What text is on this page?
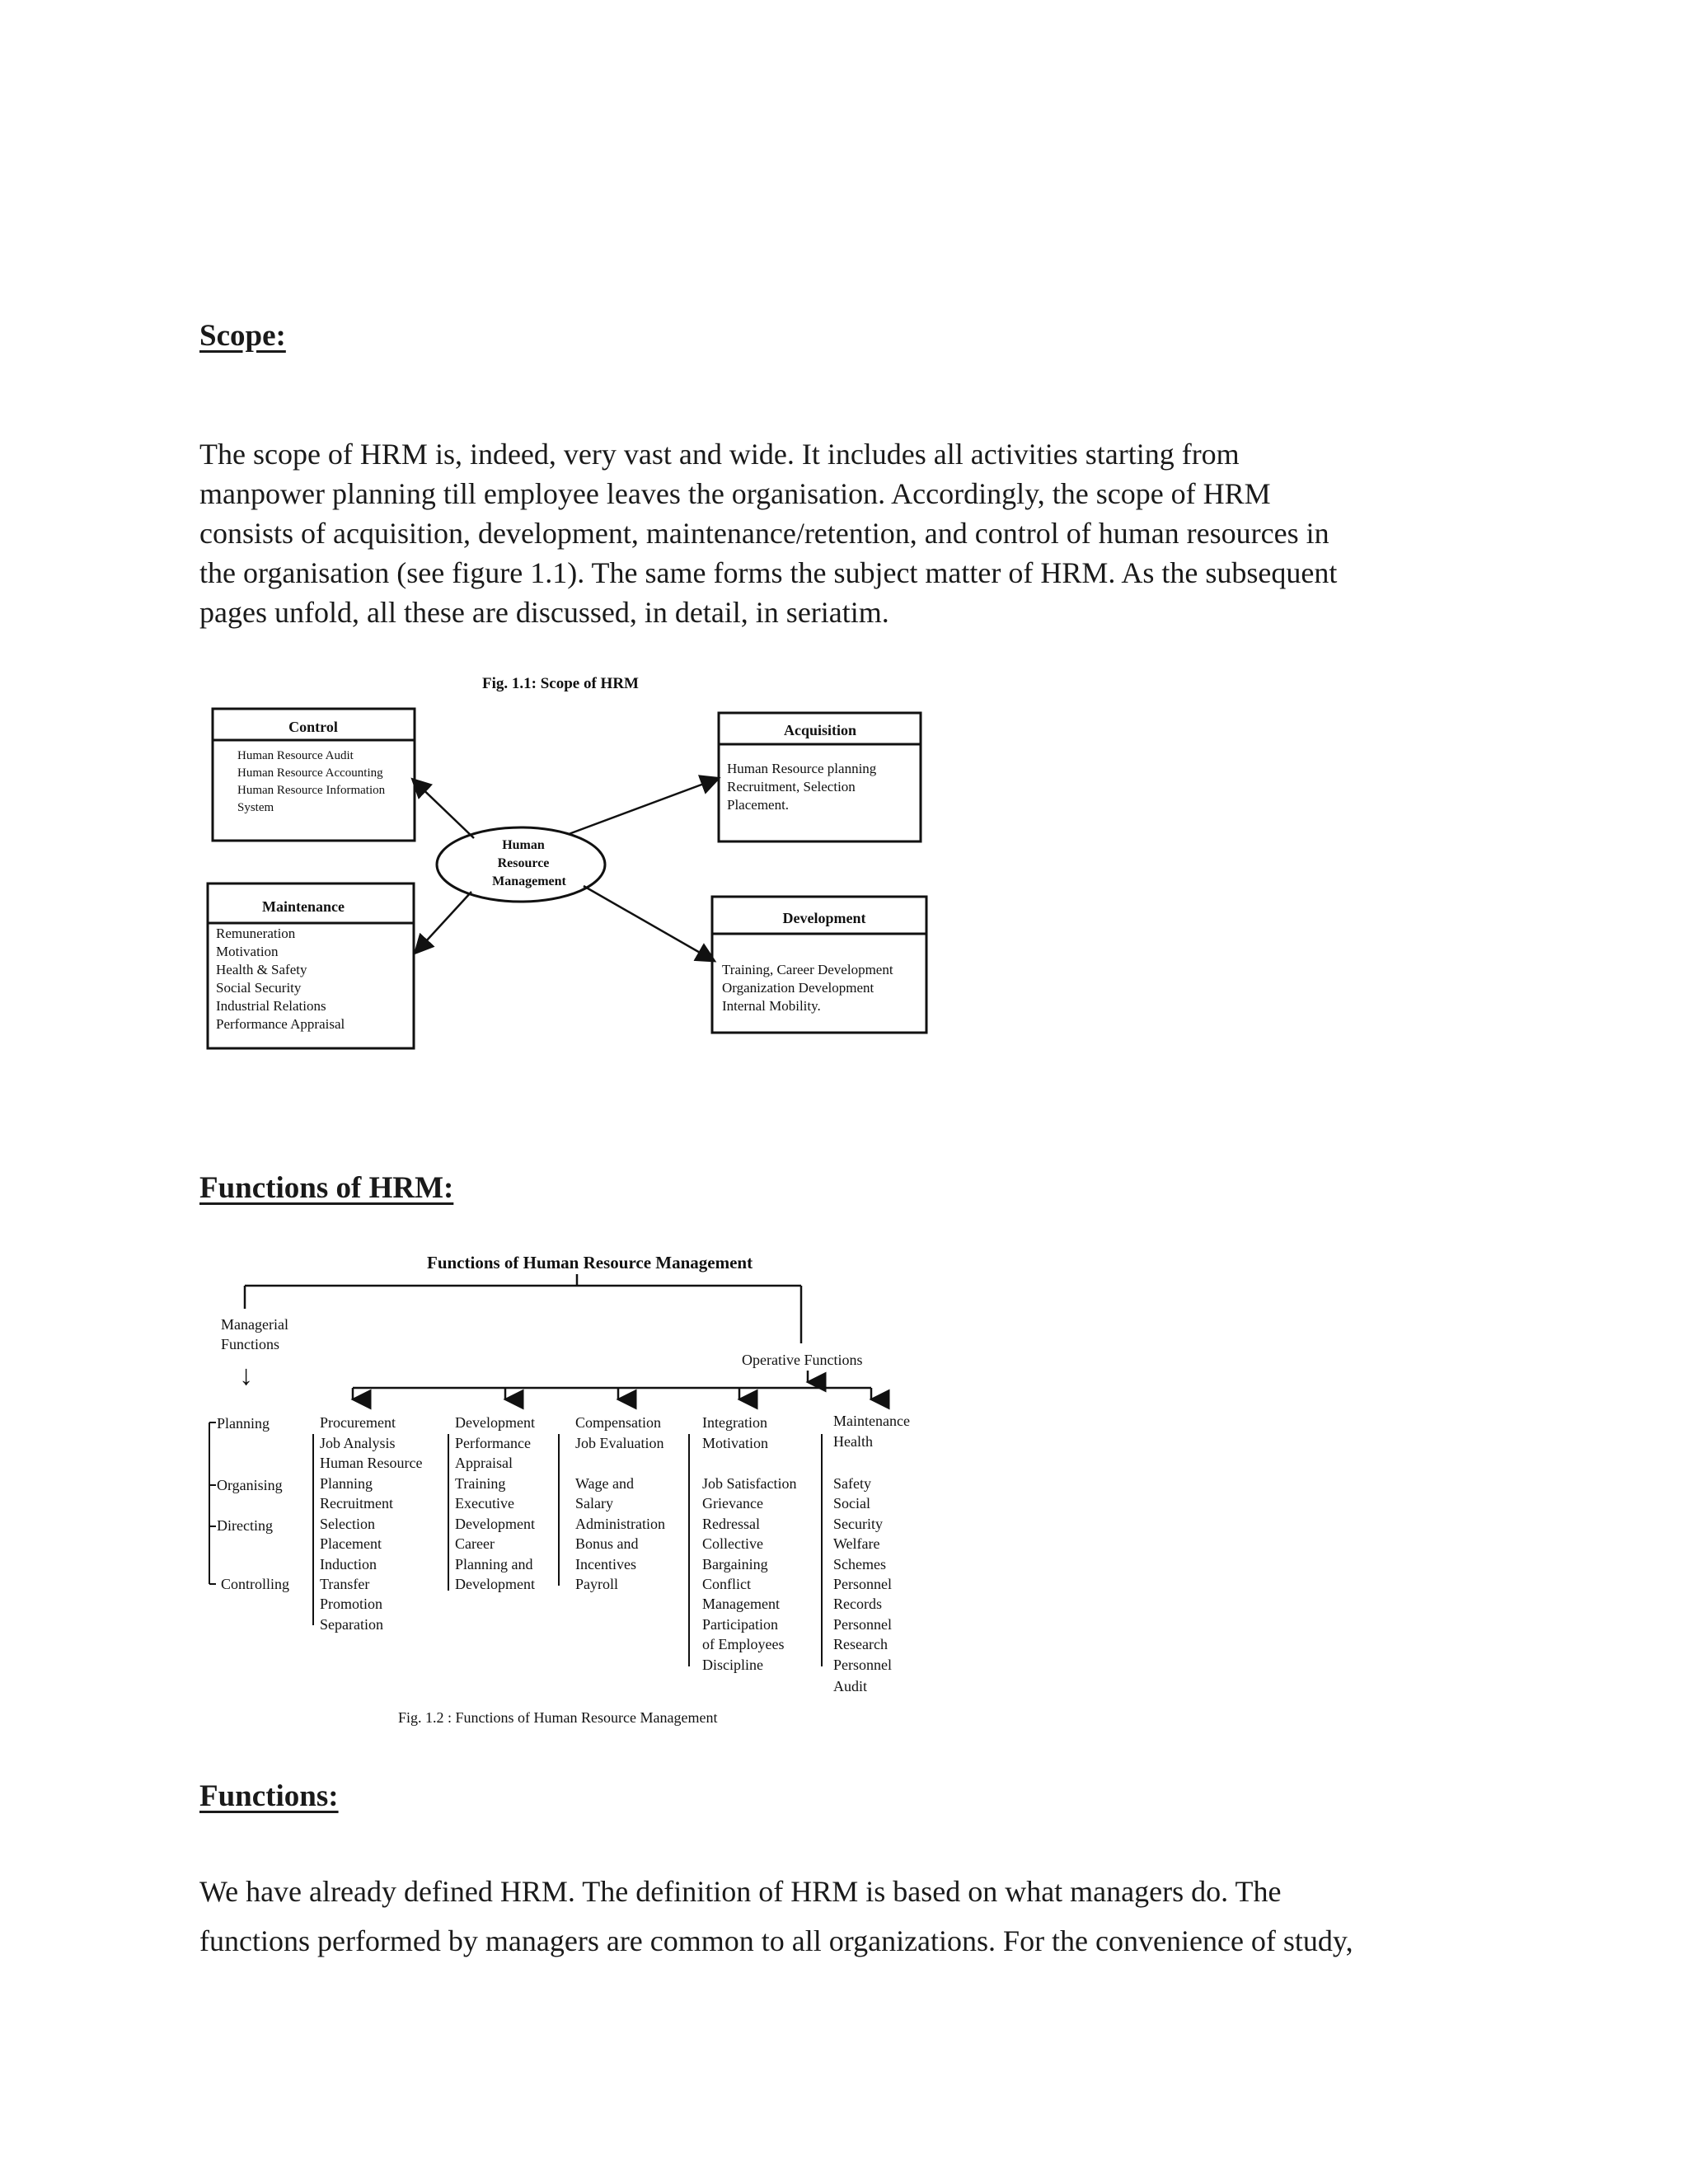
Scope:
The scope of HRM is, indeed, very vast and wide. It includes all activities starting from
manpower planning till employee leaves the organisation. Accordingly, the scope of HRM
consists of acquisition, development, maintenance/retention, and control of human resources in
the organisation (see figure 1.1). The same forms the subject matter of HRM. As the subsequent
pages unfold, all these are discussed, in detail, in seriatim.
Fig. 1.1: Scope of HRM
Control
Human Resource Audit
Human Resource Accounting
Human Resource Information
System
Acquisition
Human Resource planning
Recruitment, Selection
Placement.
Human
Resource
Management
Maintenance
Remuneration
Motivation
Health & Safety
Social Security
Industrial Relations
Performance Appraisal
Development
Training, Career Development
Organization Development
Internal Mobility.
Functions of HRM:
Functions of Human Resource Management
Managerial
Functions
↓
Operative Functions
Planning
Organising
Directing
Controlling
Procurement
Job Analysis
Human Resource
Planning
Recruitment
Selection
Placement
Induction
Transfer
Promotion
Separation
Development
Performance
Appraisal
Training
Executive
Development
Career
Planning and
Development
Compensation
Job Evaluation
Wage and
Salary
Administration
Bonus and
Incentives
Payroll
Integration
Motivation
Job Satisfaction
Grievance
Redressal
Collective
Bargaining
Conflict
Management
Participation
of Employees
Discipline
Maintenance
Health
Safety
Social
Security
Welfare
Schemes
Personnel
Records
Personnel
Research
Personnel
Audit
Fig. 1.2 : Functions of Human Resource Management
Functions:
We have already defined HRM. The definition of HRM is based on what managers do. The
functions performed by managers are common to all organizations. For the convenience of study,
